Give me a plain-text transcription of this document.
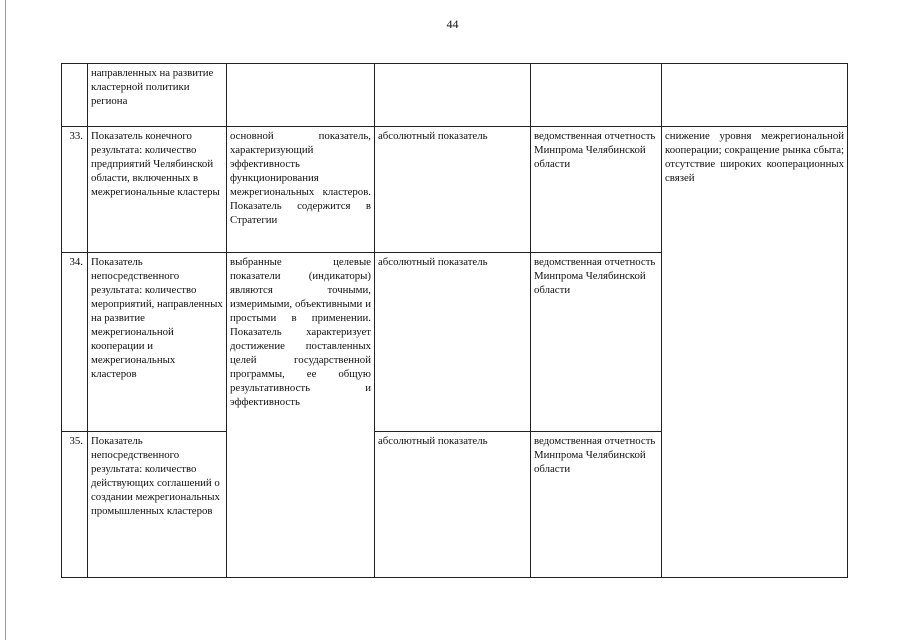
44
	направленных на развитие кластерной политики региона				
33.	Показатель конечного результата: количество предприятий Челябинской области, включенных в межрегиональные кластеры	основной показатель, характеризующий эффективность функционирования межрегиональных кластеров. Показатель содержится в Стратегии	абсолютный показатель	ведомственная отчетность Минпрома Челябинской области	снижение уровня межрегиональной кооперации; сокращение рынка сбыта; отсутствие широких кооперационных связей
34.	Показатель непосредственного результата: количество мероприятий, направленных на развитие межрегиональной кооперации и межрегиональных кластеров	выбранные целевые показатели (индикаторы) являются точными, измеримыми, объективными и простыми в применении. Показатель характеризует достижение поставленных целей государственной программы, ее общую результативность и эффективность	абсолютный показатель	ведомственная отчетность Минпрома Челябинской области	
35.	Показатель непосредственного результата: количество действующих соглашений о создании межрегиональных промышленных кластеров		абсолютный показатель	ведомственная отчетность Минпрома Челябинской области	
